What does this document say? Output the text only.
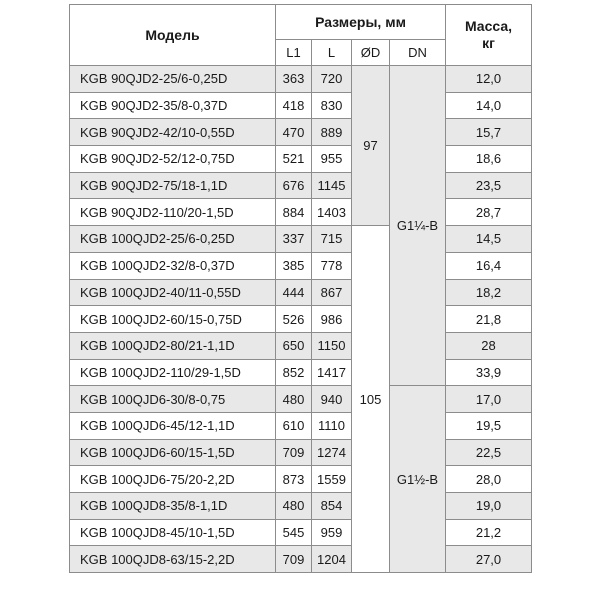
Модель	Размеры, мм				Масса,
кг

	L1	L	ØD	DN	
KGB 90QJD2-25/6-0,25D	363	720	97	G1¼-B	12,0
KGB 90QJD2-35/8-0,37D	418	830			14,0
KGB 90QJD2-42/10-0,55D	470	889			15,7
KGB 90QJD2-52/12-0,75D	521	955			18,6
KGB 90QJD2-75/18-1,1D	676	1145			23,5
KGB 90QJD2-110/20-1,5D	884	1403			28,7
KGB 100QJD2-25/6-0,25D	337	715	105		14,5
KGB 100QJD2-32/8-0,37D	385	778			16,4
KGB 100QJD2-40/11-0,55D	444	867			18,2
KGB 100QJD2-60/15-0,75D	526	986			21,8
KGB 100QJD2-80/21-1,1D	650	1150			28
KGB 100QJD2-110/29-1,5D	852	1417			33,9
KGB 100QJD6-30/8-0,75	480	940		G1½-B	17,0
KGB 100QJD6-45/12-1,1D	610	1110			19,5
KGB 100QJD6-60/15-1,5D	709	1274			22,5
KGB 100QJD6-75/20-2,2D	873	1559			28,0
KGB 100QJD8-35/8-1,1D	480	854			19,0
KGB 100QJD8-45/10-1,5D	545	959			21,2
KGB 100QJD8-63/15-2,2D	709	1204			27,0
